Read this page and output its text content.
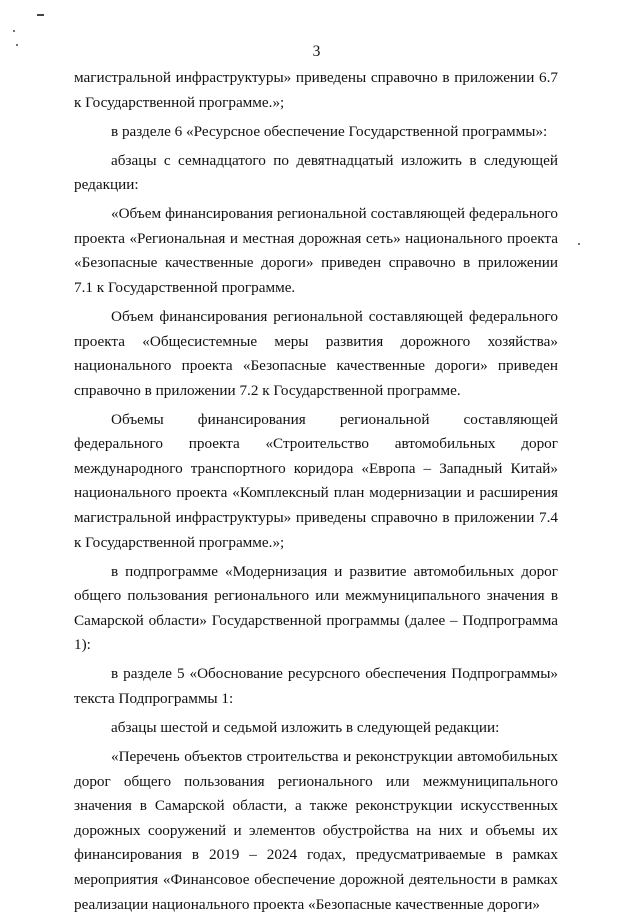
3

магистральной инфраструктуры» приведены справочно в приложении 6.7 к Государственной программе.»;

в разделе 6 «Ресурсное обеспечение Государственной программы»:

абзацы с семнадцатого по девятнадцатый изложить в следующей редакции:

«Объем финансирования региональной составляющей федерального проекта «Региональная и местная дорожная сеть» национального проекта «Безопасные качественные дороги» приведен справочно в приложении 7.1 к Государственной программе.

Объем финансирования региональной составляющей федерального проекта «Общесистемные меры развития дорожного хозяйства» национального проекта «Безопасные качественные дороги» приведен справочно в приложении 7.2 к Государственной программе.

Объемы финансирования региональной составляющей федерального проекта «Строительство автомобильных дорог международного транспортного коридора «Европа – Западный Китай» национального проекта «Комплексный план модернизации и расширения магистральной инфраструктуры» приведены справочно в приложении 7.4 к Государственной программе.»;

в подпрограмме «Модернизация и развитие автомобильных дорог общего пользования регионального или межмуниципального значения в Самарской области» Государственной программы (далее – Подпрограмма 1):

в разделе 5 «Обоснование ресурсного обеспечения Подпрограммы» текста Подпрограммы 1:

абзацы шестой и седьмой изложить в следующей редакции:

«Перечень объектов строительства и реконструкции автомобильных дорог общего пользования регионального или межмуниципального значения в Самарской области, а также реконструкции искусственных дорожных сооружений и элементов обустройства на них и объемы их финансирования в 2019 – 2024 годах, предусматриваемые в рамках мероприятия «Финансовое обеспечение дорожной деятельности в рамках реализации национального проекта «Безопасные качественные дороги»
